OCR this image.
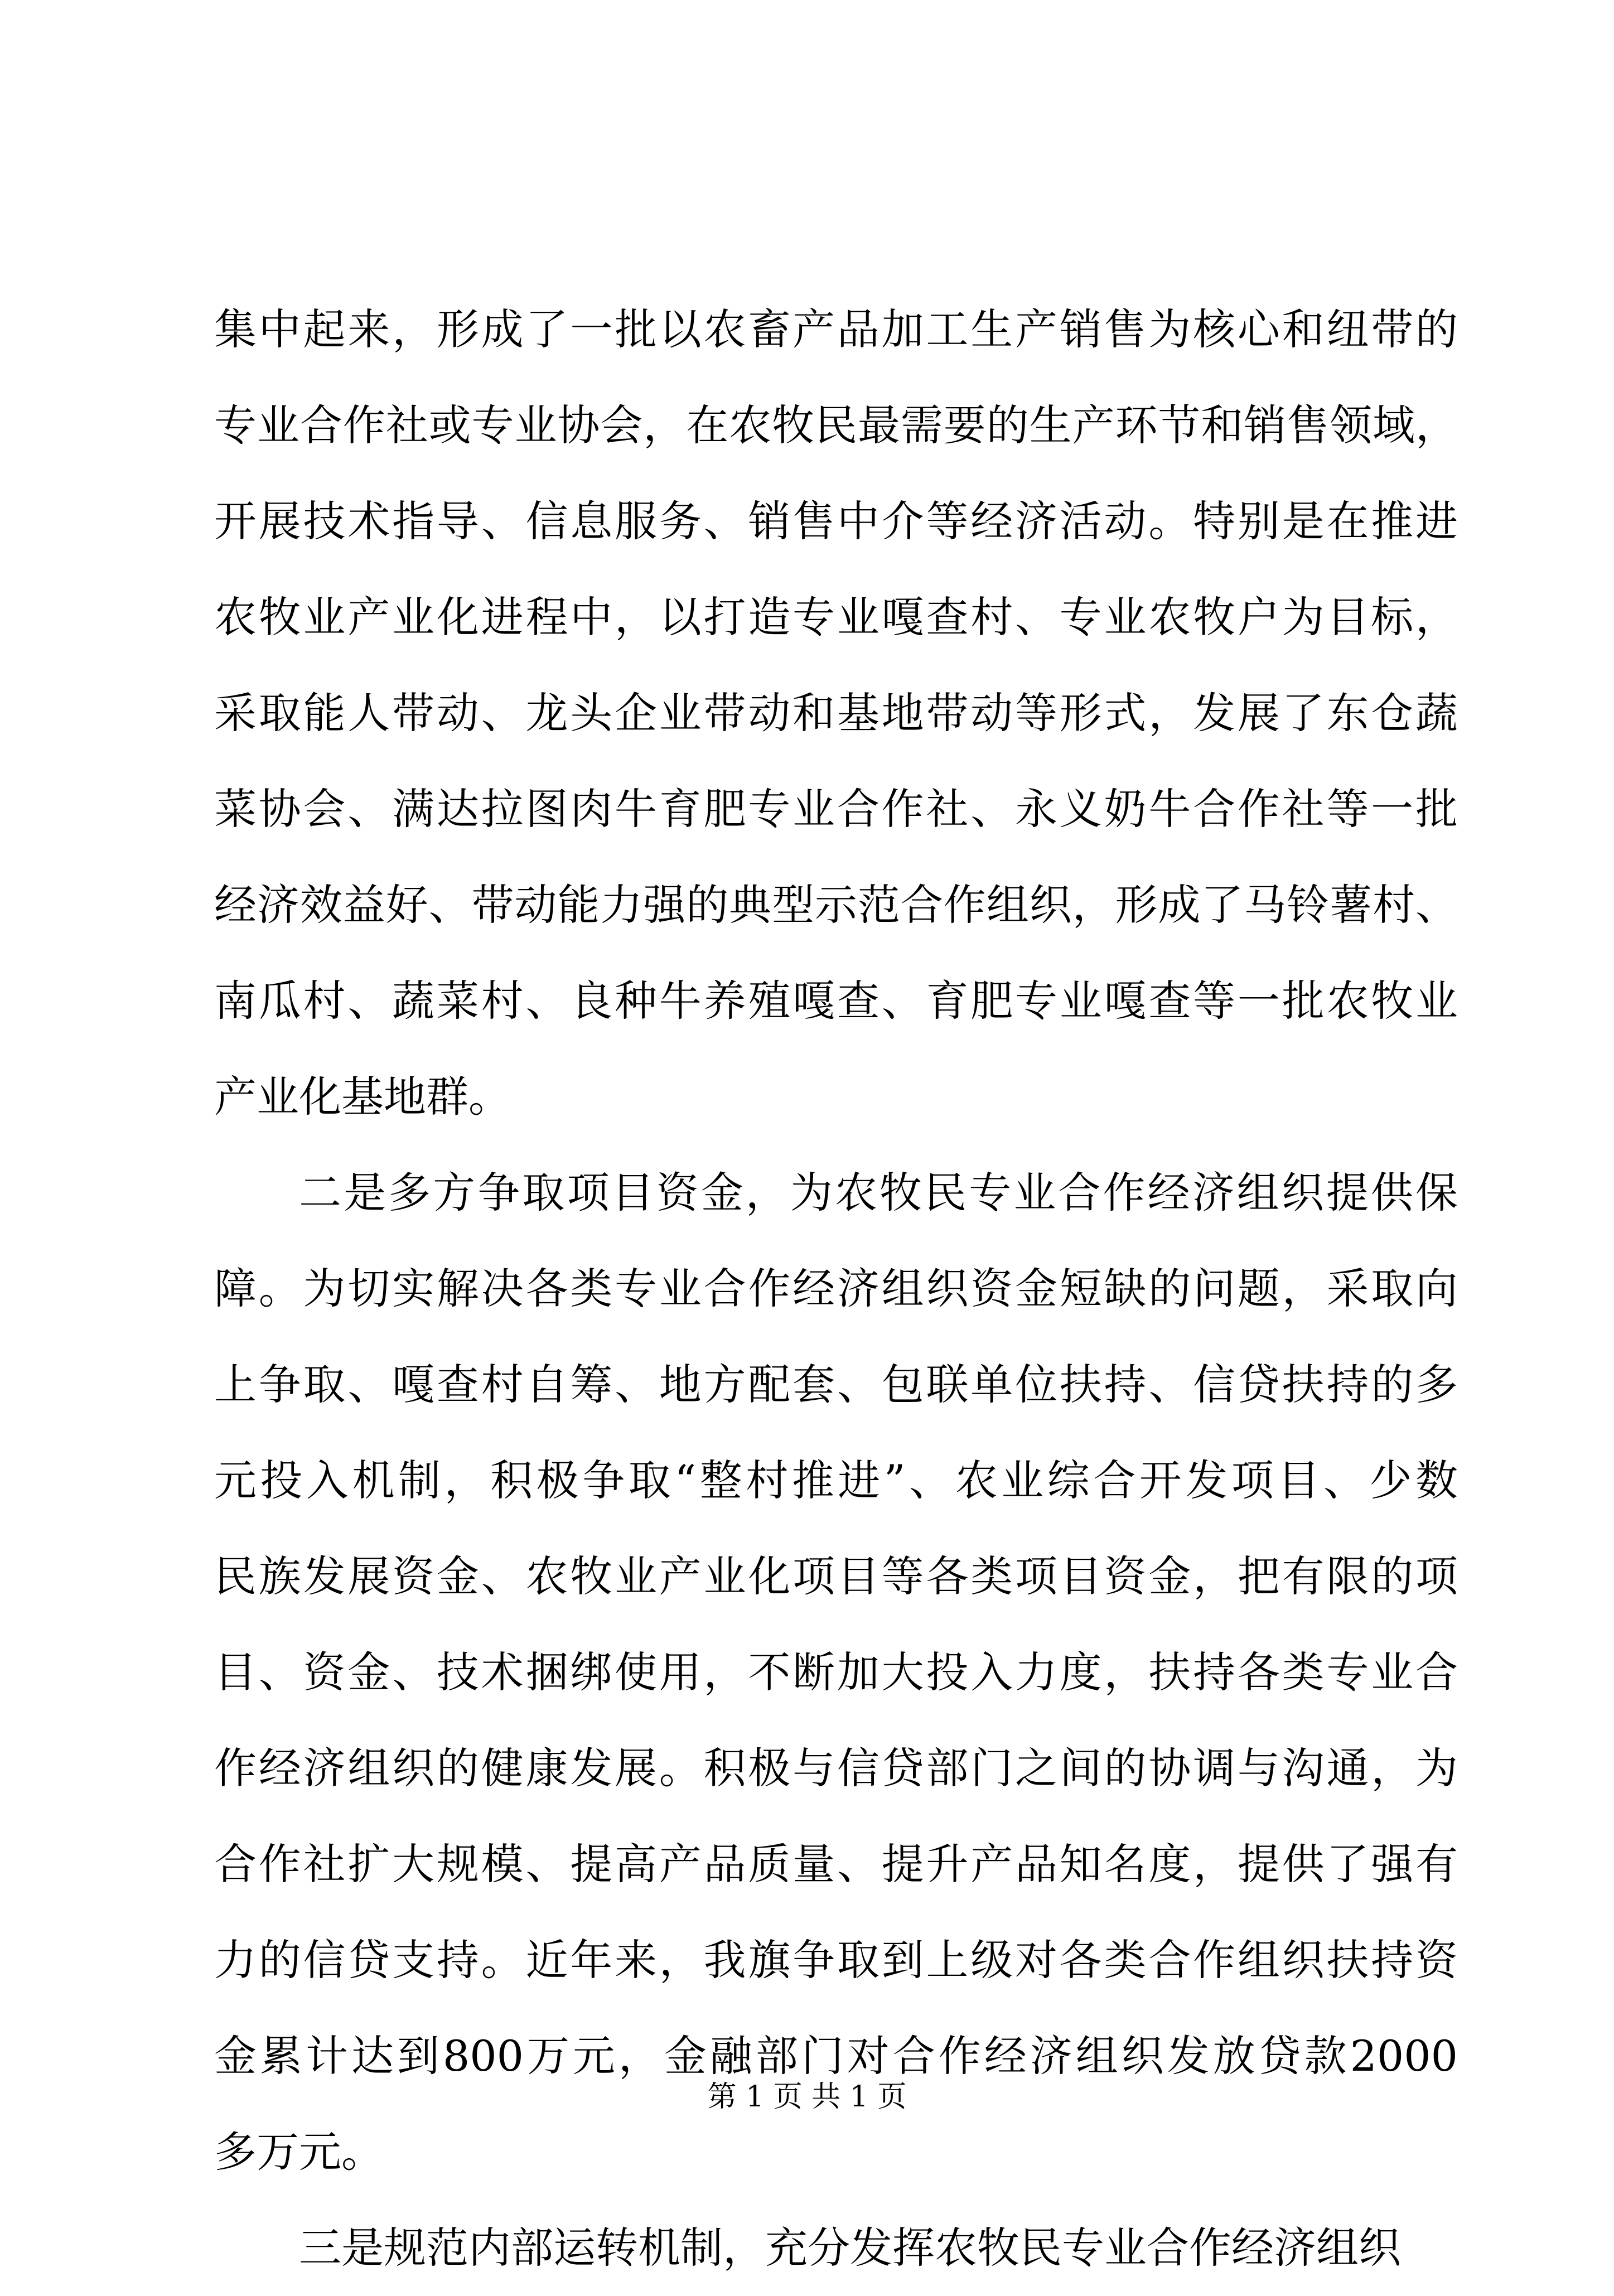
集中起来，形成了一批以农畜产品加工生产销售为核心和纽带的
专业合作社或专业协会，在农牧民最需要的生产环节和销售领域，
开展技术指导、信息服务、销售中介等经济活动。特别是在推进
农牧业产业化进程中，以打造专业嘎查村、专业农牧户为目标，
采取能人带动、龙头企业带动和基地带动等形式，发展了东仓蔬
菜协会、满达拉图肉牛育肥专业合作社、永义奶牛合作社等一批
经济效益好、带动能力强的典型示范合作组织，形成了马铃薯村、
南瓜村、蔬菜村、良种牛养殖嘎查、育肥专业嘎查等一批农牧业
产业化基地群。
二是多方争取项目资金，为农牧民专业合作经济组织提供保
障。为切实解决各类专业合作经济组织资金短缺的问题，采取向
上争取、嘎查村自筹、地方配套、包联单位扶持、信贷扶持的多
元投入机制，积极争取“整村推进”、农业综合开发项目、少数
民族发展资金、农牧业产业化项目等各类项目资金，把有限的项
目、资金、技术捆绑使用，不断加大投入力度，扶持各类专业合
作经济组织的健康发展。积极与信贷部门之间的协调与沟通，为
合作社扩大规模、提高产品质量、提升产品知名度，提供了强有
力的信贷支持。近年来，我旗争取到上级对各类合作组织扶持资
金累计达到800万元，金融部门对合作经济组织发放贷款2000
多万元。
三是规范内部运转机制，充分发挥农牧民专业合作经济组织
第 1 页 共 1 页
